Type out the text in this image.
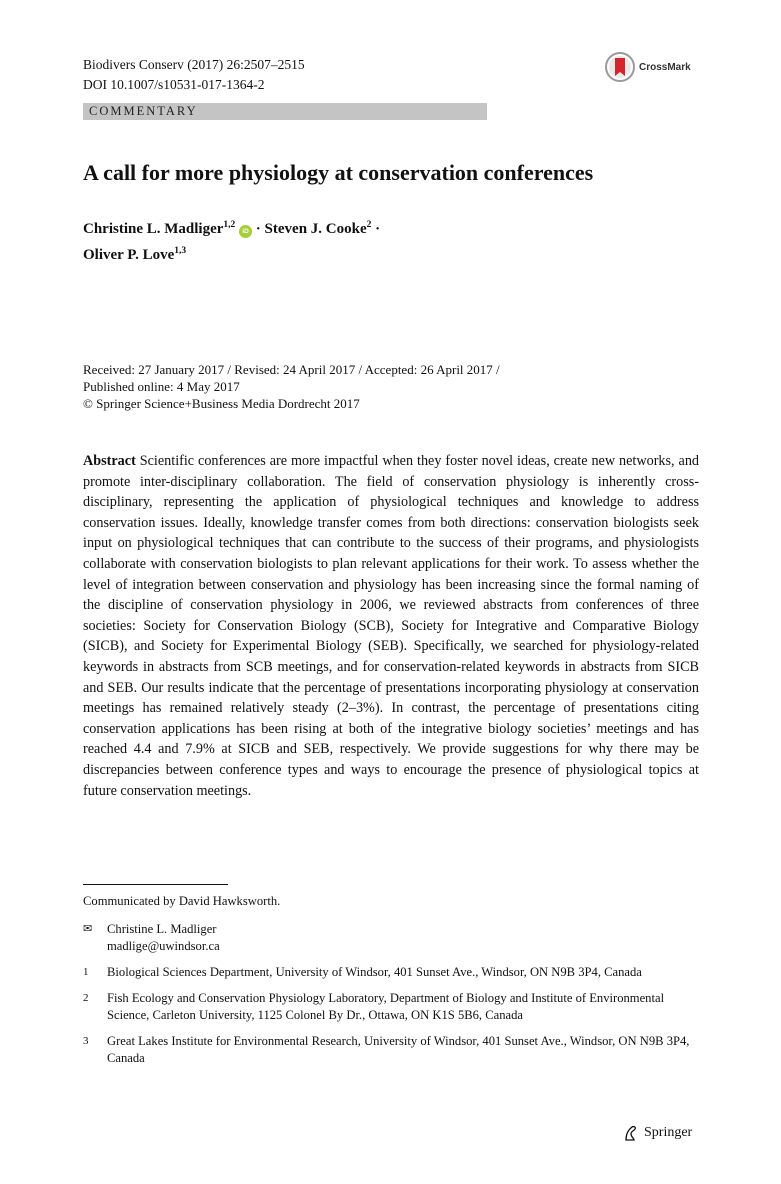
Biodivers Conserv (2017) 26:2507–2515
DOI 10.1007/s10531-017-1364-2
CrossMark
COMMENTARY
A call for more physiology at conservation conferences
Christine L. Madliger$^{1,2}$ iD · Steven J. Cooke$^2$ ·
Oliver P. Love$^{1,3}$
Received: 27 January 2017 / Revised: 24 April 2017 / Accepted: 26 April 2017 /
Published online: 4 May 2017
© Springer Science+Business Media Dordrecht 2017

Abstract Scientific conferences are more impactful when they foster novel ideas, create new networks, and promote inter-disciplinary collaboration. The field of conservation physiology is inherently cross-disciplinary, representing the application of physiological techniques and knowledge to address conservation issues. Ideally, knowledge transfer comes from both directions: conservation biologists seek input on physiological techniques that can contribute to the success of their programs, and physiologists collaborate with conservation biologists to plan relevant applications for their work. To assess whether the level of integration between conservation and physiology has been increasing since the formal naming of the discipline of conservation physiology in 2006, we reviewed abstracts from conferences of three societies: Society for Conservation Biology (SCB), Society for Integrative and Comparative Biology (SICB), and Society for Experimental Biology (SEB). Specifically, we searched for physiology-related keywords in abstracts from SCB meetings, and for conservation-related keywords in abstracts from SICB and SEB. Our results indicate that the percentage of presentations incorporating physiology at conservation meetings has remained relatively steady (2–3%). In contrast, the percentage of presentations citing conservation applications has been rising at both of the integrative biology societies’ meetings and has reached 4.4 and 7.9% at SICB and SEB, respectively. We provide suggestions for why there may be discrepancies between conference types and ways to encourage the presence of physiological topics at future conservation meetings.

Communicated by David Hawksworth.
✉	Christine L. Madliger
madlige@uwindsor.ca
1	Biological Sciences Department, University of Windsor, 401 Sunset Ave., Windsor, ON N9B 3P4, Canada
2	Fish Ecology and Conservation Physiology Laboratory, Department of Biology and Institute of Environmental Science, Carleton University, 1125 Colonel By Dr., Ottawa, ON K1S 5B6, Canada
3	Great Lakes Institute for Environmental Research, University of Windsor, 401 Sunset Ave., Windsor, ON N9B 3P4, Canada
Springer
